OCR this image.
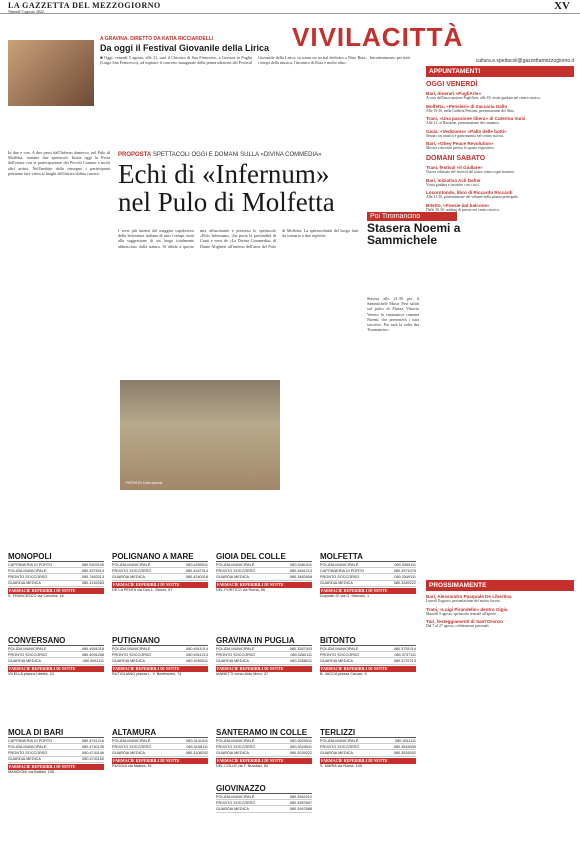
LA GAZZETTA DEL MEZZOGIORNO
Venerdì 5 agosto 2022	XV
VIVILACITTÀ
A GRAVINA. DIRETTO DA KATIA RICCIARDELLI
Da oggi il Festival Giovanile della Lirica
■ Oggi, venerdì 5 agosto, alle 21, sarà il Chiostro di San Francesco, a Gravina in Puglia (Largo San Francesco), ad ospitare il concerto inaugurale della prima edizione del Festival Giovanile della Lirica: in scena un recital dedicato a Nino Rota... Intrattenimento per tutti i tempi della musica, l'incontro di Rota e molto altro.
PROPOSTA SPETTACOLI OGGI E DOMANI SULLA «DIVINA COMMEDIA»
Echi di «Infernum» nel Pulo di Molfetta
In due e con. A due passi dall'Inferno dantesco, nel Pulo di Molfetta, tornano due spettacoli. Inizia oggi la Festa dell'estate con la partecipazione dei Piccoli Comuni e molti altri artisti. Nell'ambito della rassegna i partecipanti potranno fare visita ai luoghi dell'antica dolina carsica.
I versi più intensi del maggior capolavoro della letteratura italiana di tutti i tempi, uniti alla suggestione di un luogo totalmente abbracciato dalla natura. Si affida a questo mix affascinante e prezioso lo spettacolo «Pulo Infernum», che porta la profondità di Canti e versi de «La Divina Commedia» di Dante Alighieri all'interno dell'area del Pulo di Molfetta. La spettacolarità del luogo farà da scenario a due repliche.
PATHOS Una scena
Poi Tiromancino
Stasera Noemi a Sammichele
Stasera alle 21.30 per il Sammichele Music Fest salirà sul palco di Piazza Vittorio Veneto la cantautrice romana Noemi, che presenterà i suoi successi. Poi sarà la volta dei Tiromancino.
cultura.e.spettacoli@gazzettamezzogiorno.it
APPUNTAMENTI
OGGI VENERDÌ
Bari, itinerari «PugliArte»
A cura dell'associazione PugliArte, alle 18, visita guidata nel centro storico.
Molfetta, «Pensieri» di Zaccaria Gallo
Alle 19.30, nella Galleria Petrioni, presentazione del libro.
Trani, «Una passione libera» di Caterina Vurzi
Alle 21, al Bastione, presentazione del romanzo.
Gioia, «Vedizione» «Pallo delle botti»
Serata con musica e gastronomia nel centro storico.
Bari, «Obey Peace Revolution»
Mostra e incontri presso lo spazio espositivo.
DOMANI SABATO
Trani, festival «Il Giullare»
Nuova edizione del festival del teatro contro ogni barriera.
Bari, iniziativa Acli Dafne
Visita guidata e incontro con i soci.
Locorotondo, libro di Riccardo Riccardi
Alle 21.30, presentazione del volume nella piazza principale.
Bitetto, «Poesie dal balcone»
Dalle 20.30, reading di poesie nel centro storico.
PROSSIMAMENTE
Bari, Alessandro Pasquale De Libertina
Lunedì 8 agosto, presentazione del nuovo lavoro.
Trani, «Luigi Pirandello» dentro Gigia
Martedì 9 agosto, spettacolo teatrale all'aperto.
Turi, festeggiamenti di Sant'Oronzo
Dal 7 al 27 agosto, celebrazioni patronali.
MONOPOLI
CAPITANERIA DI PORTO	080.9303105
POLIZIA MUNICIPALE	080.9373014
PRONTO SOCCORSO	080.7462013
GUARDIA MEDICA	080.4149283
FARMACIE REPERIBILI DI NOTTE
S. FRANCESCO via Conchia, 16
POLIGNANO A MARE
POLIZIA MUNICIPALE	080.4250011
PRONTO SOCCORSO	080.4247314
GUARDIA MEDICA	080.4240018
FARMACIE REPERIBILI DI NOTTE
DE LA PENTA via Don L. Sturzo, 87
GIOIA DEL COLLE
POLIZIA MUNICIPALE	080.3481011
PRONTO SOCCORSO	080.3481214
GUARDIA MEDICA	080.3482608
FARMACIE REPERIBILI DI NOTTE
DEL PORTICO via Roma, 56
MOLFETTA
POLIZIA MUNICIPALE	080.3359111
CAPITANERIA DI PORTO	080.3971076
PRONTO SOCCORSO	080.3349111
GUARDIA MEDICA	080.3349222
FARMACIE REPERIBILI DI NOTTE
Doposte 22 via G. Marconi, 1
CONVERSANO
POLIZIA MUNICIPALE	080.4951018
PRONTO SOCCORSO	080.4091268
GUARDIA MEDICA	080.4091111
FARMACIE REPERIBILI DI NOTTE
VILELLA piazza Libertà, 24
PUTIGNANO
POLIZIA MUNICIPALE	080.4911014
PRONTO SOCCORSO	080.4911213
GUARDIA MEDICA	080.4050011
FARMACIE REPERIBILI DI NOTTE
RUTIGLIANO piazza L. V. Beethoven, 74
GRAVINA IN PUGLIA
POLIZIA MUNICIPALE	080.3267403
PRONTO SOCCORSO	080.3260111
GUARDIA MEDICA	080.3268011
FARMACIE REPERIBILI DI NOTTE
IANNETTI corso Aldo Moro, 37
BITONTO
POLIZIA MUNICIPALE	080.3751014
PRONTO SOCCORSO	080.3737111
GUARDIA MEDICA	080.3737213
FARMACIE REPERIBILI DI NOTTE
B. VACCA piazza Cavour, 9
SANTERAMO IN COLLE
POLIZIA MUNICIPALE	080.3029511
PRONTO SOCCORSO	080.3029011
GUARDIA MEDICA	080.3029022
FARMACIE REPERIBILI DI NOTTE
DEL COLLE via T. Nuvolari, 53
MOLA DI BARI
CAPITANERIA DI PORTO	080.4741216
POLIZIA MUNICIPALE	080.4740135
PRONTO SOCCORSO	080.4741146
GUARDIA MEDICA	080.4741160
FARMACIE REPERIBILI DI NOTTE
MANGIONI via Battisti, 155
ALTAMURA
POLIZIA MUNICIPALE	080.3141011
PRONTO SOCCORSO	080.3108111
GUARDIA MEDICA	080.3108202
FARMACIE REPERIBILI DI NOTTE
RUGGIA via Matera, 51
GIOVINAZZO
POLIZIA MUNICIPALE	080.3942012
PRONTO SOCCORSO	080.3357807
GUARDIA MEDICA	080.3947888
TERLIZZI
POLIZIA MUNICIPALE	080.3511111
PRONTO SOCCORSO	080.3516000
GUARDIA MEDICA	080.3516002
FARMACIE REPERIBILI DI NOTTE
S. MARIA via Roma, 140
